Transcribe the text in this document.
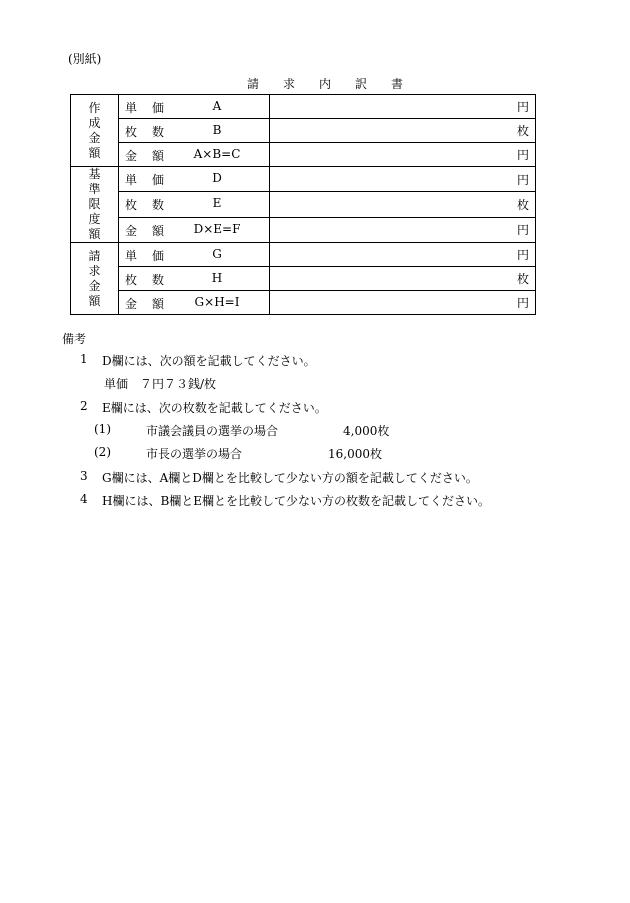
(別紙)
請 求 内 訳 書
作成金額	単 価 A	円

	枚 数 B	枚

	金 額 A×B=C	円
基準限度額	単 価 D	円

	枚 数 E	枚

	金 額 D×E=F	円
請求金額	単 価 G	円

	枚 数 H	枚

	金 額 G×H=I	円
備考
1 D欄には、次の額を記載してください。
単価　７円７３銭/枚
2 E欄には、次の枚数を記載してください。
(1)	市議会議員の選挙の場合	4,000枚
(2)	市長の選挙の場合	16,000枚
3 G欄には、A欄とD欄とを比較して少ない方の額を記載してください。
4 H欄には、B欄とE欄とを比較して少ない方の枚数を記載してください。
